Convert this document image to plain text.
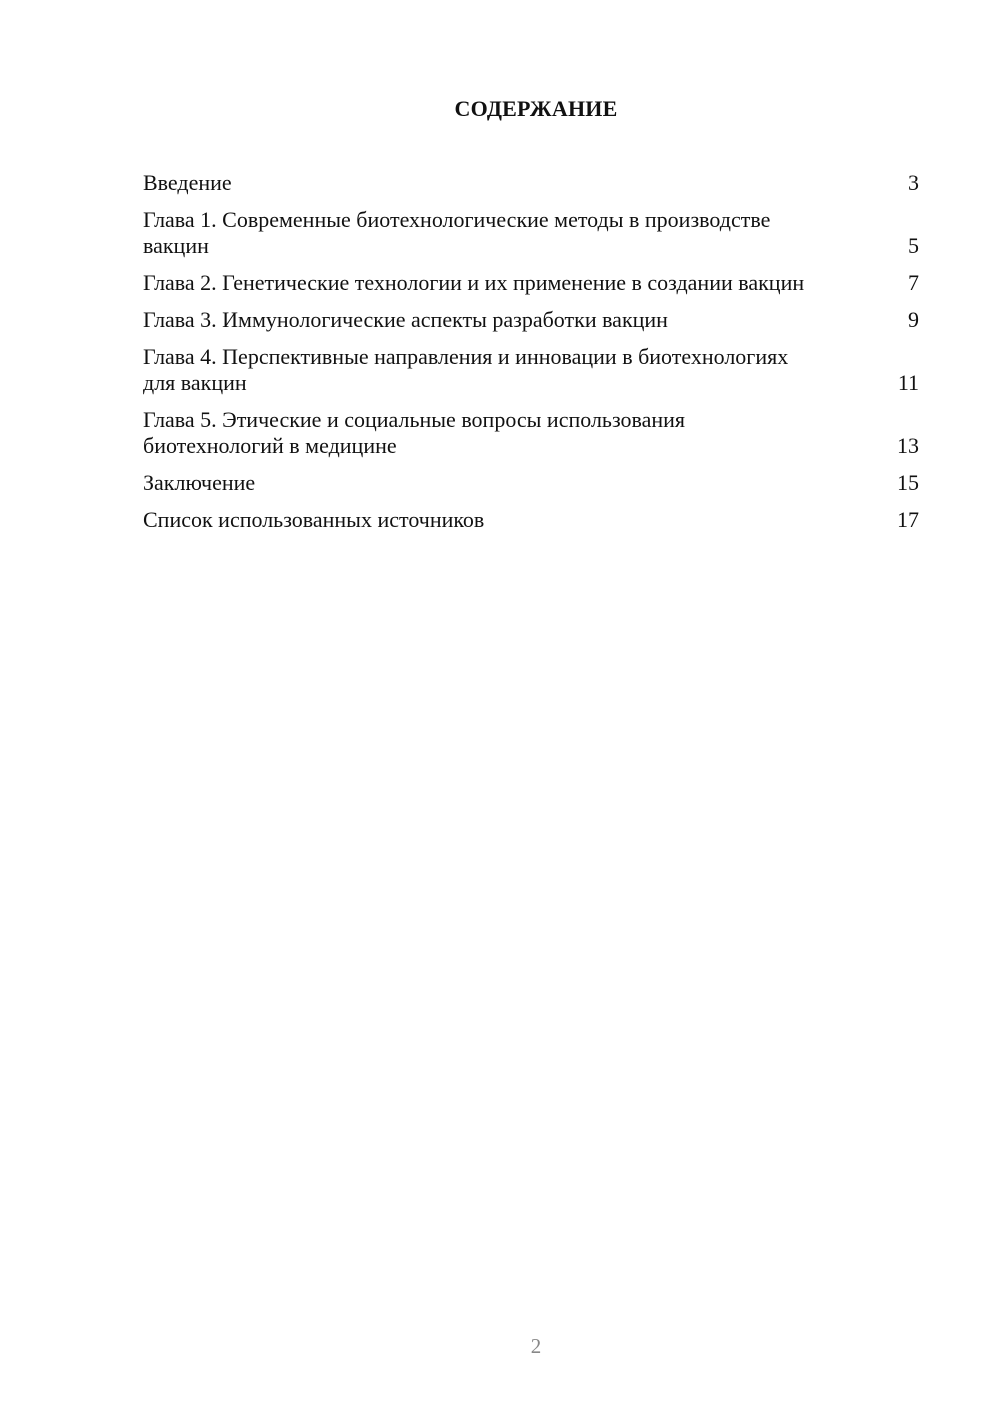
СОДЕРЖАНИЕ
Введение	3
Глава 1. Современные биотехнологические методы в производстве вакцин	5
Глава 2. Генетические технологии и их применение в создании вакцин	7
Глава 3. Иммунологические аспекты разработки вакцин	9
Глава 4. Перспективные направления и инновации в биотехнологиях для вакцин	11
Глава 5. Этические и социальные вопросы использования биотехнологий в медицине	13
Заключение	15
Список использованных источников	17
2
